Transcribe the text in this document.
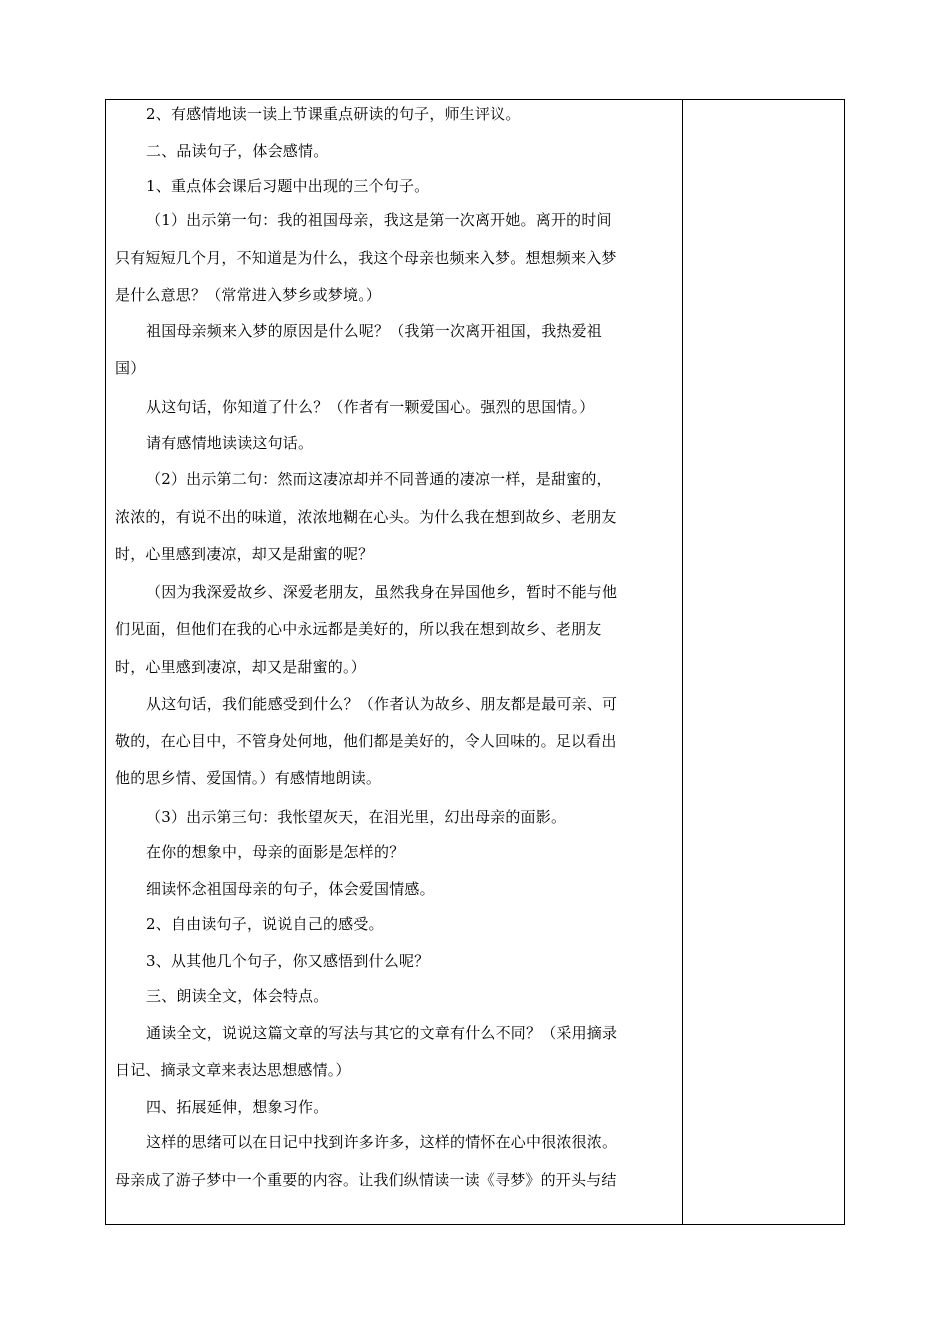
2、有感情地读一读上节课重点研读的句子，师生评议。
二、品读句子，体会感情。
1、重点体会课后习题中出现的三个句子。
（1）出示第一句：我的祖国母亲，我这是第一次离开她。离开的时间
只有短短几个月，不知道是为什么，我这个母亲也频来入梦。想想频来入梦
是什么意思？（常常进入梦乡或梦境。）
祖国母亲频来入梦的原因是什么呢？（我第一次离开祖国，我热爱祖
国）
从这句话，你知道了什么？（作者有一颗爱国心。强烈的思国情。）
请有感情地读读这句话。
（2）出示第二句：然而这凄凉却并不同普通的凄凉一样，是甜蜜的，
浓浓的，有说不出的味道，浓浓地糊在心头。为什么我在想到故乡、老朋友
时，心里感到凄凉，却又是甜蜜的呢？
（因为我深爱故乡、深爱老朋友，虽然我身在异国他乡，暂时不能与他
们见面，但他们在我的心中永远都是美好的，所以我在想到故乡、老朋友
时，心里感到凄凉，却又是甜蜜的。）
从这句话，我们能感受到什么？（作者认为故乡、朋友都是最可亲、可
敬的，在心目中，不管身处何地，他们都是美好的，令人回味的。足以看出
他的思乡情、爱国情。）有感情地朗读。
（3）出示第三句：我怅望灰天，在泪光里，幻出母亲的面影。
在你的想象中，母亲的面影是怎样的？
细读怀念祖国母亲的句子，体会爱国情感。
2、自由读句子，说说自己的感受。
3、从其他几个句子，你又感悟到什么呢？
三、朗读全文，体会特点。
通读全文，说说这篇文章的写法与其它的文章有什么不同？（采用摘录
日记、摘录文章来表达思想感情。）
四、拓展延伸，想象习作。
这样的思绪可以在日记中找到许多许多，这样的情怀在心中很浓很浓。
母亲成了游子梦中一个重要的内容。让我们纵情读一读《寻梦》的开头与结
